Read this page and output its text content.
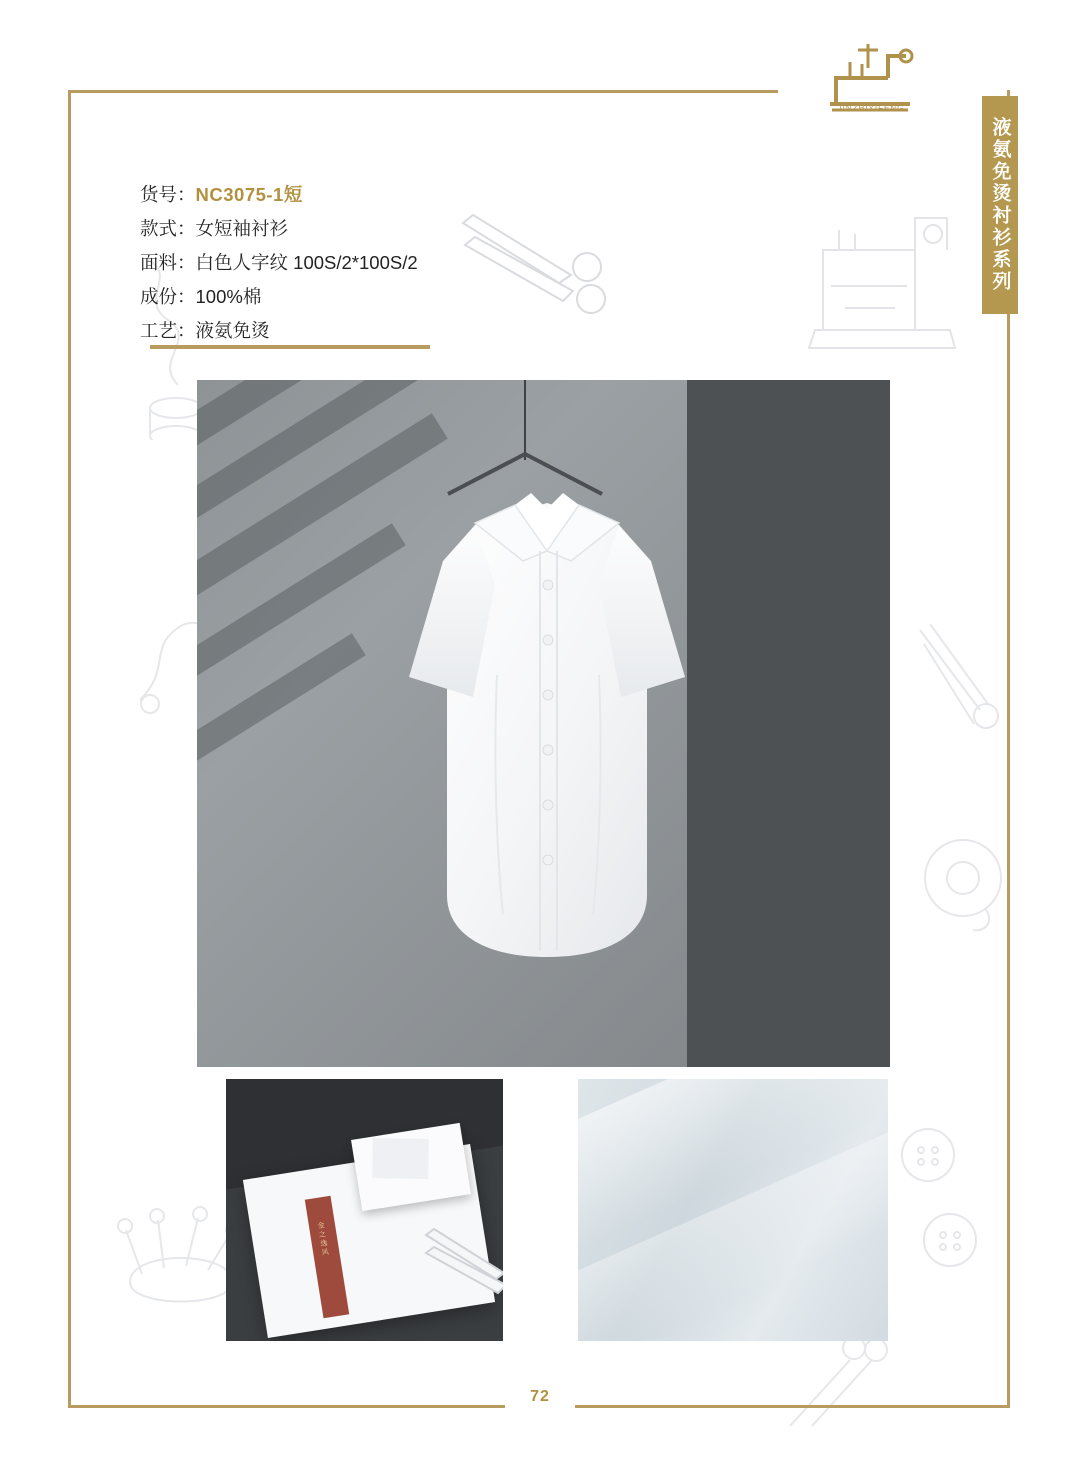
JINZHIYIFENG
液氨免烫衬衫系列
货号：NC3075-1短
款式：女短袖衬衫
面料：白色人字纹 100S/2*100S/2
成份：100%棉
工艺：液氨免烫
金之逸风
72
